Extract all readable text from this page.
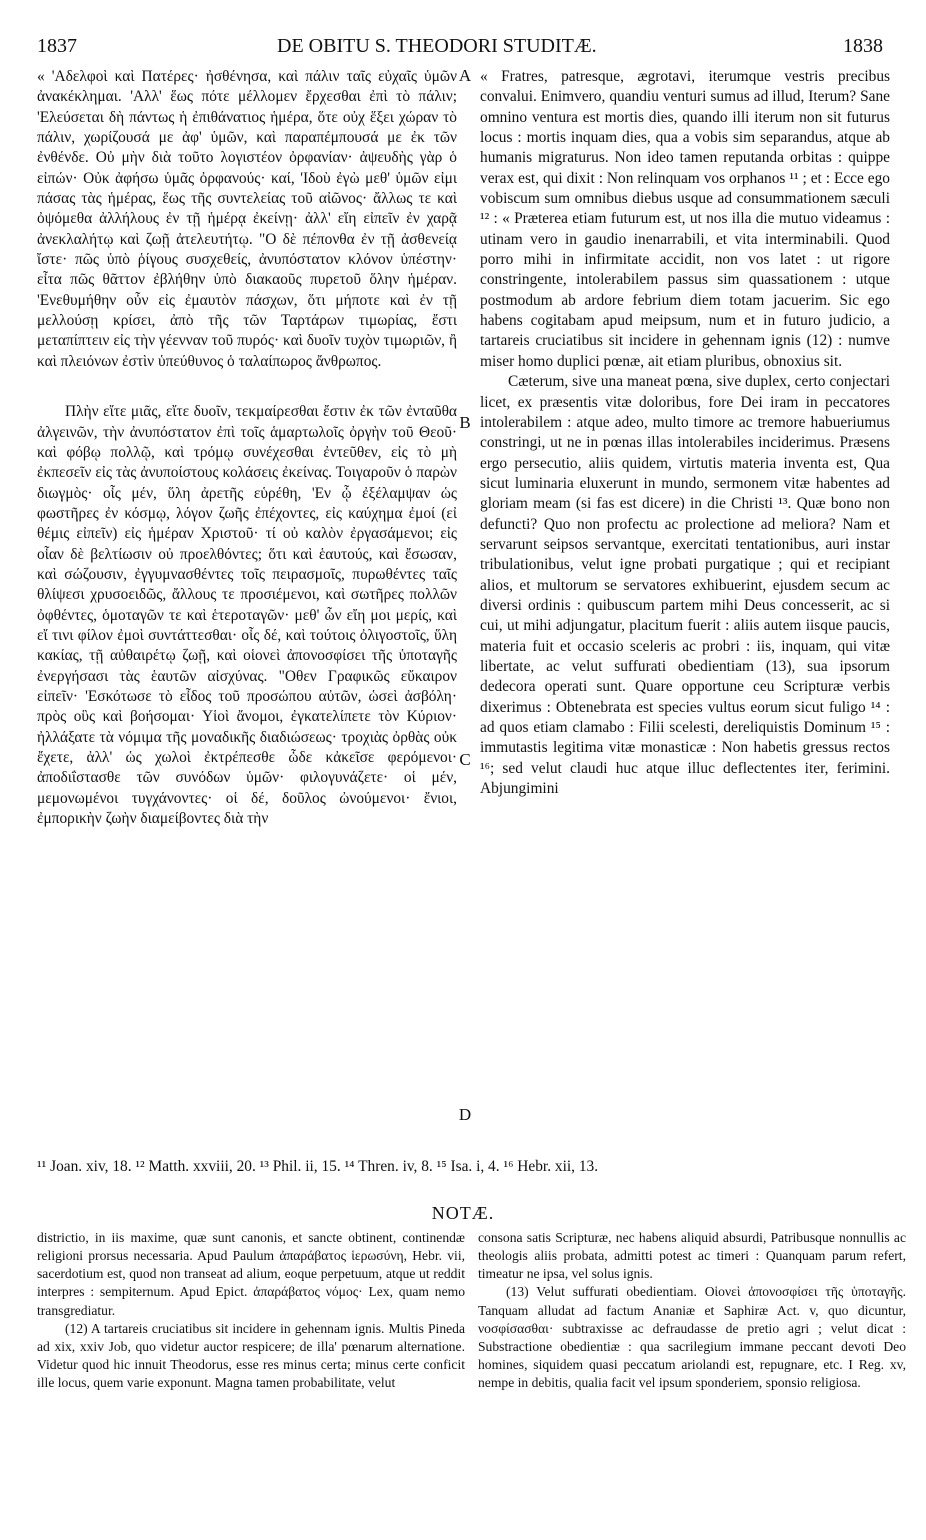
1837	DE OBITU S. THEODORI STUDITÆ.	1838

« 'Αδελφοὶ καὶ Πατέρες· ἠσθένησα, καὶ πάλιν ταῖς εὐχαῖς ὑμῶν ἀνακέκλημαι. 'Αλλ' ἕως πότε μέλλομεν ἔρχεσθαι ἐπὶ τὸ πάλιν; 'Ελεύσεται δὴ πάντως ἡ ἐπιθάνατιος ἡμέρα, ὅτε οὐχ ἕξει χώραν τὸ πάλιν, χωρίζουσά με ἀφ' ὑμῶν, καὶ παραπέμπουσά με ἐκ τῶν ἐνθένδε. Οὐ μὴν διὰ τοῦτο λογιστέον ὀρφανίαν· ἀψευδὴς γὰρ ὁ εἰπών· Οὐκ ἀφήσω ὑμᾶς ὀρφανούς· καί, 'Ιδοὺ ἐγὼ μεθ' ὑμῶν εἰμι πάσας τὰς ἡμέρας, ἕως τῆς συντελείας τοῦ αἰῶνος· ἄλλως τε καὶ ὀψόμεθα ἀλλήλους ἐν τῇ ἡμέρᾳ ἐκείνῃ· ἀλλ' εἴη εἰπεῖν ἐν χαρᾷ ἀνεκλαλήτῳ καὶ ζωῇ ἀτελευτήτῳ. "Ο δὲ πέπονθα ἐν τῇ ἀσθενείᾳ ἴστε· πῶς ὑπὸ ῥίγους συσχεθείς, ἀνυπόστατον κλόνον ὑπέστην· εἶτα πῶς θᾶττον ἐβλήθην ὑπὸ διακαοῦς πυρετοῦ ὅλην ἡμέραν. 'Ενεθυμήθην οὖν εἰς ἐμαυτὸν πάσχων, ὅτι μήποτε καὶ ἐν τῇ μελλούσῃ κρίσει, ἀπὸ τῆς τῶν Ταρτάρων τιμωρίας, ἔστι μεταπίπτειν εἰς τὴν γέενναν τοῦ πυρός· καὶ δυοῖν τυχὸν τιμωριῶν, ἢ καὶ πλειόνων ἐστὶν ὑπεύθυνος ὁ ταλαίπωρος ἄνθρωπος.

Πλὴν εἴτε μιᾶς, εἴτε δυοῖν, τεκμαίρεσθαι ἔστιν ἐκ τῶν ἐνταῦθα ἀλγεινῶν, τὴν ἀνυπόστατον ἐπὶ τοῖς ἁμαρτωλοῖς ὀργὴν τοῦ Θεοῦ· καὶ φόβῳ πολλῷ, καὶ τρόμῳ συνέχεσθαι ἐντεῦθεν, εἰς τὸ μὴ ἐκπεσεῖν εἰς τὰς ἀνυποίστους κολάσεις ἐκείνας. Τοιγαροῦν ὁ παρὼν διωγμὸς· οἷς μέν, ὕλη ἀρετῆς εὑρέθη, 'Εν ᾧ ἐξέλαμψαν ὡς φωστῆρες ἐν κόσμῳ, λόγον ζωῆς ἐπέχοντες, εἰς καύχημα ἐμοί (εἰ θέμις εἰπεῖν) εἰς ἡμέραν Χριστοῦ· τί οὐ καλὸν ἐργασάμενοι; εἰς οἷαν δὲ βελτίωσιν οὐ προελθόντες; ὅτι καὶ ἑαυτούς, καὶ ἔσωσαν, καὶ σώζουσιν, ἐγγυμνασθέντες τοῖς πειρασμοῖς, πυρωθέντες ταῖς θλίψεσι χρυσοειδῶς, ἄλλους τε προσιέμενοι, καὶ σωτῆρες πολλῶν ὀφθέντες, ὁμοταγῶν τε καὶ ἑτεροταγῶν· μεθ' ὧν εἴη μοι μερίς, καὶ εἴ τινι φίλον ἐμοὶ συντάττεσθαι· οἷς δέ, καὶ τούτοις ὀλιγοστοῖς, ὕλη κακίας, τῇ αὐθαιρέτῳ ζωῇ, καὶ οἱονεὶ ἀπονοσφίσει τῆς ὑποταγῆς ἐνεργήσασι τὰς ἑαυτῶν αἰσχύνας. "Οθεν Γραφικῶς εὔκαιρον εἰπεῖν· 'Εσκότωσε τὸ εἶδος τοῦ προσώπου αὐτῶν, ὡσεὶ ἀσβόλη· πρὸς οὓς καὶ βοήσομαι· Υἱοὶ ἄνομοι, ἐγκατελίπετε τὸν Κύριον· ἠλλάξατε τὰ νόμιμα τῆς μοναδικῆς διαδιώσεως· τροχιὰς ὀρθὰς οὐκ ἔχετε, ἀλλ' ὡς χωλοὶ ἐκτρέπεσθε ὧδε κἀκεῖσε φερόμενοι· ἀποδιΐστασθε τῶν συνόδων ὑμῶν· φιλογυνάζετε· οἱ μέν, μεμονωμένοι τυγχάνοντες· οἱ δέ, δοῦλος ὠνούμενοι· ἔνιοι, ἐμπορικὴν ζωὴν διαμείβοντες διὰ τὴν

A
B
C
D

« Fratres, patresque, ægrotavi, iterumque vestris precibus convalui. Enimvero, quandiu venturi sumus ad illud, Iterum? Sane omnino ventura est mortis dies, quando illi iterum non sit futurus locus : mortis inquam dies, qua a vobis sim separandus, atque ab humanis migraturus. Non ideo tamen reputanda orbitas : quippe verax est, qui dixit : Non relinquam vos orphanos ¹¹ ; et : Ecce ego vobiscum sum omnibus diebus usque ad consummationem sæculi ¹² : « Præterea etiam futurum est, ut nos illa die mutuo videamus : utinam vero in gaudio inenarrabili, et vita interminabili. Quod porro mihi in infirmitate accidit, non vos latet : ut rigore constringente, intolerabilem passus sim quassationem : utque postmodum ab ardore febrium diem totam jacuerim. Sic ego habens cogitabam apud meipsum, num et in futuro judicio, a tartareis cruciatibus sit incidere in gehennam ignis (12) : numve miser homo duplici pœnæ, ait etiam pluribus, obnoxius sit.

Cæterum, sive una maneat pœna, sive duplex, certo conjectari licet, ex præsentis vitæ doloribus, fore Dei iram in peccatores intolerabilem : atque adeo, multo timore ac tremore habueriumus constringi, ut ne in pœnas illas intolerabiles inciderimus. Præsens ergo persecutio, aliis quidem, virtutis materia inventa est, Qua sicut luminaria eluxerunt in mundo, sermonem vitæ habentes ad gloriam meam (si fas est dicere) in die Christi ¹³. Quæ bono non defuncti? Quo non profectu ac prolectione ad meliora? Nam et servarunt seipsos servantque, exercitati tentationibus, auri instar tribulationibus, velut igne probati purgatique ; qui et recipiant alios, et multorum se servatores exhibuerint, ejusdem secum ac diversi ordinis : quibuscum partem mihi Deus concesserit, ac si cui, ut mihi adjungatur, placitum fuerit : aliis autem iisque paucis, materia fuit et occasio sceleris ac probri : iis, inquam, qui vitæ libertate, ac velut suffurati obedientiam (13), sua ipsorum dedecora operati sunt. Quare opportune ceu Scripturæ verbis dixerimus : Obtenebrata est species vultus eorum sicut fuligo ¹⁴ : ad quos etiam clamabo : Filii scelesti, dereliquistis Dominum ¹⁵ : immutastis legitima vitæ monasticæ : Non habetis gressus rectos ¹⁶; sed velut claudi huc atque illuc deflectentes iter, ferimini. Abjungimini

¹¹ Joan. xiv, 18. ¹² Matth. xxviii, 20. ¹³ Phil. ii, 15. ¹⁴ Thren. iv, 8. ¹⁵ Isa. i, 4. ¹⁶ Hebr. xii, 13.

NOTÆ.

districtio, in iis maxime, quæ sunt canonis, et sancte obtinent, continendæ religioni prorsus necessaria. Apud Paulum ἀπαράβατος ἱερωσύνη, Hebr. vii, sacerdotium est, quod non transeat ad alium, eoque perpetuum, atque ut reddit interpres : sempiternum. Apud Epict. ἀπαράβατος νόμος· Lex, quam nemo transgrediatur.

(12) A tartareis cruciatibus sit incidere in gehennam ignis. Multis Pineda ad xix, xxiv Job, quo videtur auctor respicere; de illa' pœnarum alternatione. Videtur quod hic innuit Theodorus, esse res minus certa; minus certe conficit ille locus, quem varie exponunt. Magna tamen probabilitate, velut

consona satis Scripturæ, nec habens aliquid absurdi, Patribusque nonnullis ac theologis aliis probata, admitti potest ac timeri : Quanquam parum refert, timeatur ne ipsa, vel solus ignis.

(13) Velut suffurati obedientiam. Οἱονεὶ ἀπονοσφίσει τῆς ὑποταγῆς. Tanquam alludat ad factum Ananiæ et Saphiræ Act. v, quo dicuntur, νοσφίσασθαι· subtraxisse ac defraudasse de pretio agri ; velut dicat : Substractione obedientiæ : qua sacrilegium immane peccant devoti Deo homines, siquidem quasi peccatum ariolandi est, repugnare, etc. I Reg. xv, nempe in debitis, qualia facit vel ipsum sponderiem, sponsio religiosa.
